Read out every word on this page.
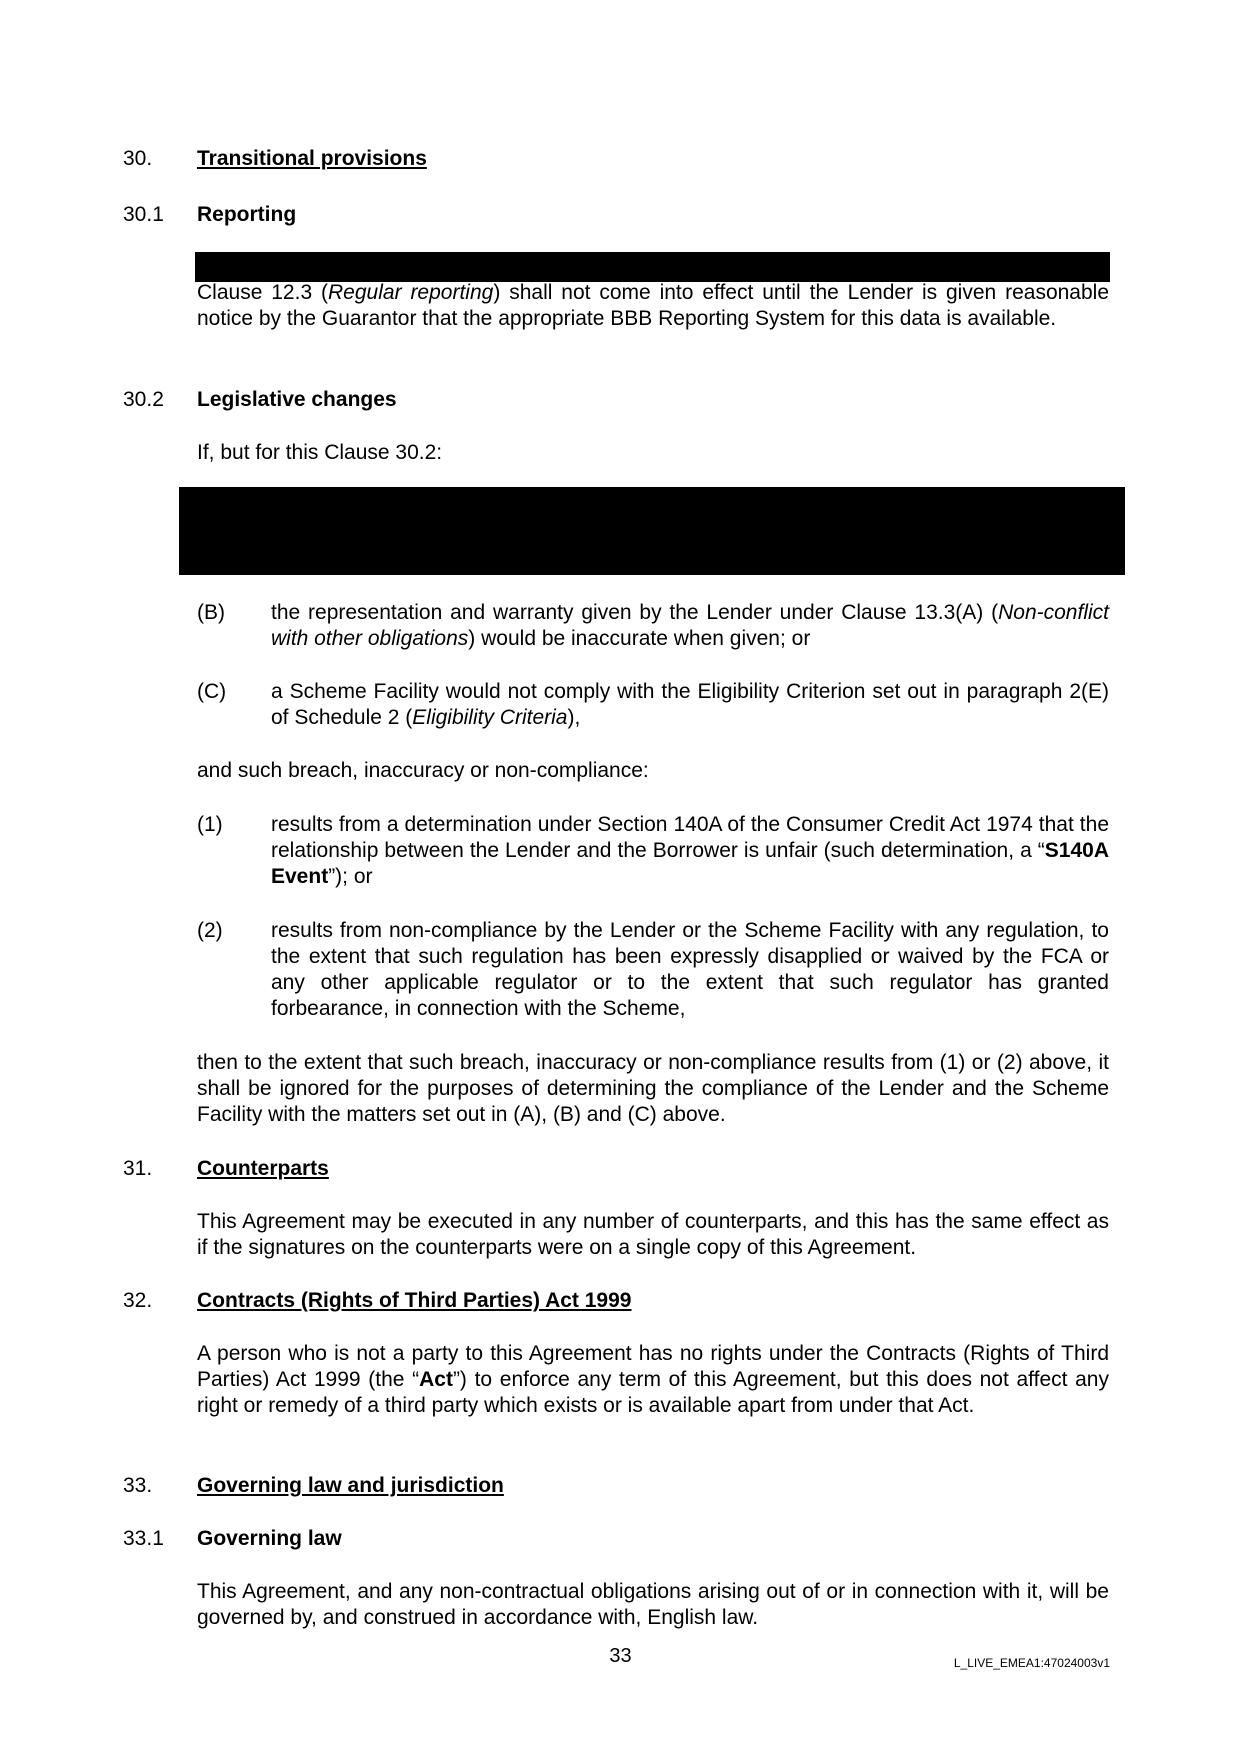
30. Transitional provisions
30.1 Reporting

Clause 12.3 (Regular reporting) shall not come into effect until the Lender is given reasonable notice by the Guarantor that the appropriate BBB Reporting System for this data is available.

30.2 Legislative changes

If, but for this Clause 30.2:

(B) the representation and warranty given by the Lender under Clause 13.3(A) (Non-conflict with other obligations) would be inaccurate when given; or

(C) a Scheme Facility would not comply with the Eligibility Criterion set out in paragraph 2(E) of Schedule 2 (Eligibility Criteria),

and such breach, inaccuracy or non-compliance:

(1) results from a determination under Section 140A of the Consumer Credit Act 1974 that the relationship between the Lender and the Borrower is unfair (such determination, a “S140A Event”); or

(2) results from non-compliance by the Lender or the Scheme Facility with any regulation, to the extent that such regulation has been expressly disapplied or waived by the FCA or any other applicable regulator or to the extent that such regulator has granted forbearance, in connection with the Scheme,

then to the extent that such breach, inaccuracy or non-compliance results from (1) or (2) above, it shall be ignored for the purposes of determining the compliance of the Lender and the Scheme Facility with the matters set out in (A), (B) and (C) above.

31. Counterparts

This Agreement may be executed in any number of counterparts, and this has the same effect as if the signatures on the counterparts were on a single copy of this Agreement.

32. Contracts (Rights of Third Parties) Act 1999

A person who is not a party to this Agreement has no rights under the Contracts (Rights of Third Parties) Act 1999 (the “Act”) to enforce any term of this Agreement, but this does not affect any right or remedy of a third party which exists or is available apart from under that Act.

33. Governing law and jurisdiction
33.1 Governing law

This Agreement, and any non-contractual obligations arising out of or in connection with it, will be governed by, and construed in accordance with, English law.

33	L_LIVE_EMEA1:47024003v1
